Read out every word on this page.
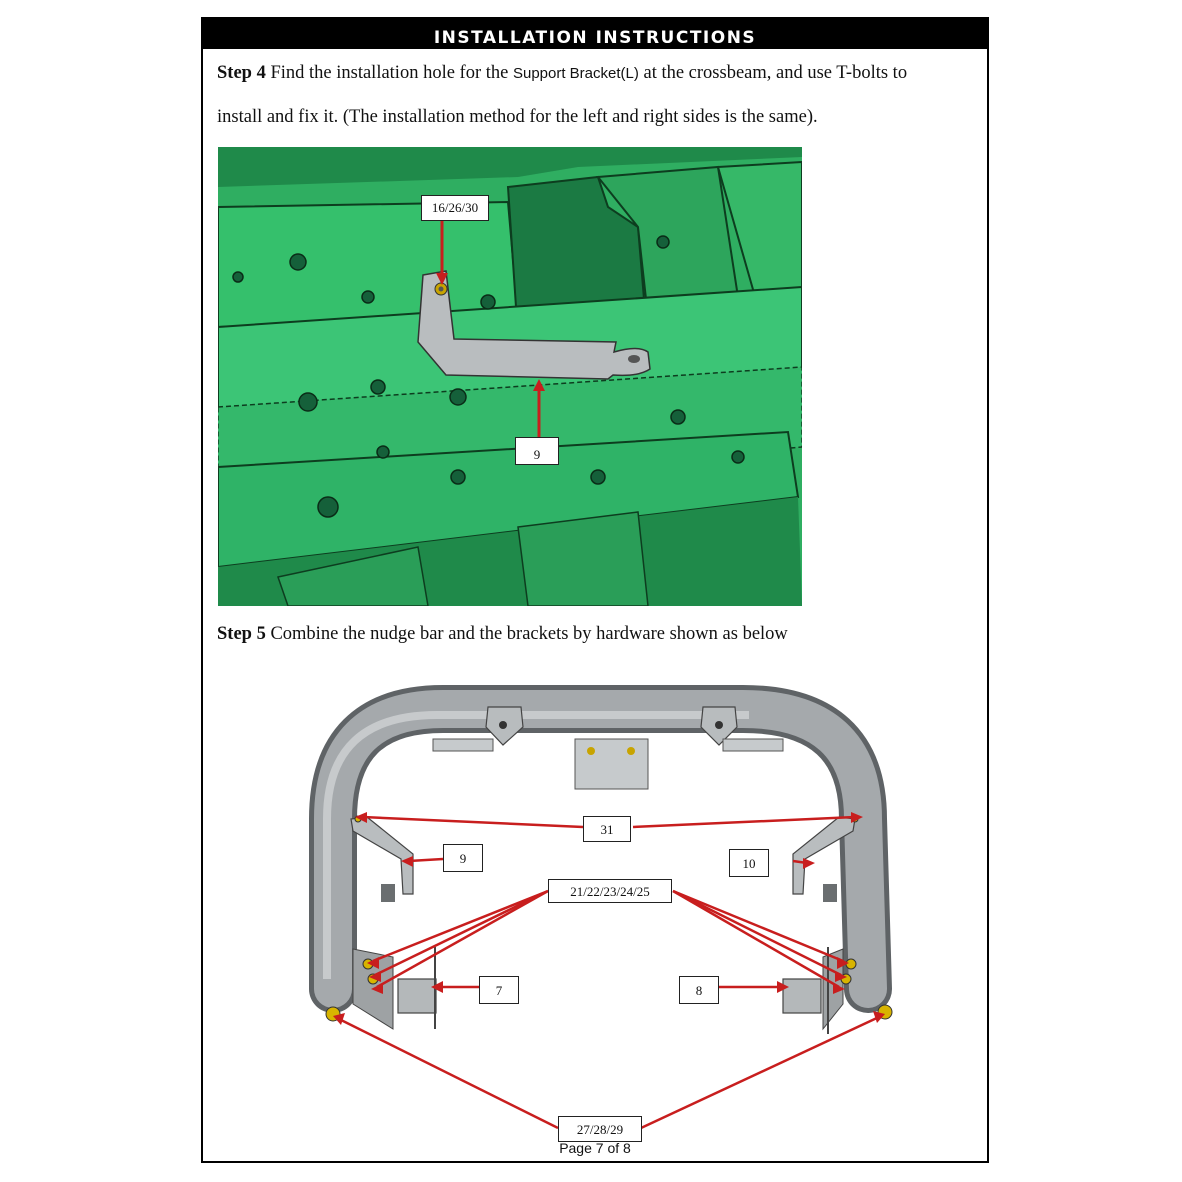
INSTALLATION INSTRUCTIONS
Step 4 Find the installation hole for the Support Bracket(L) at the crossbeam, and use T-bolts to
install and fix it. (The installation method for the left and right sides is the same).
16/26/30
9
Step 5 Combine the nudge bar and the brackets by hardware shown as below
31
9	10
21/22/23/24/25
7	8
27/28/29
Page 7 of 8
